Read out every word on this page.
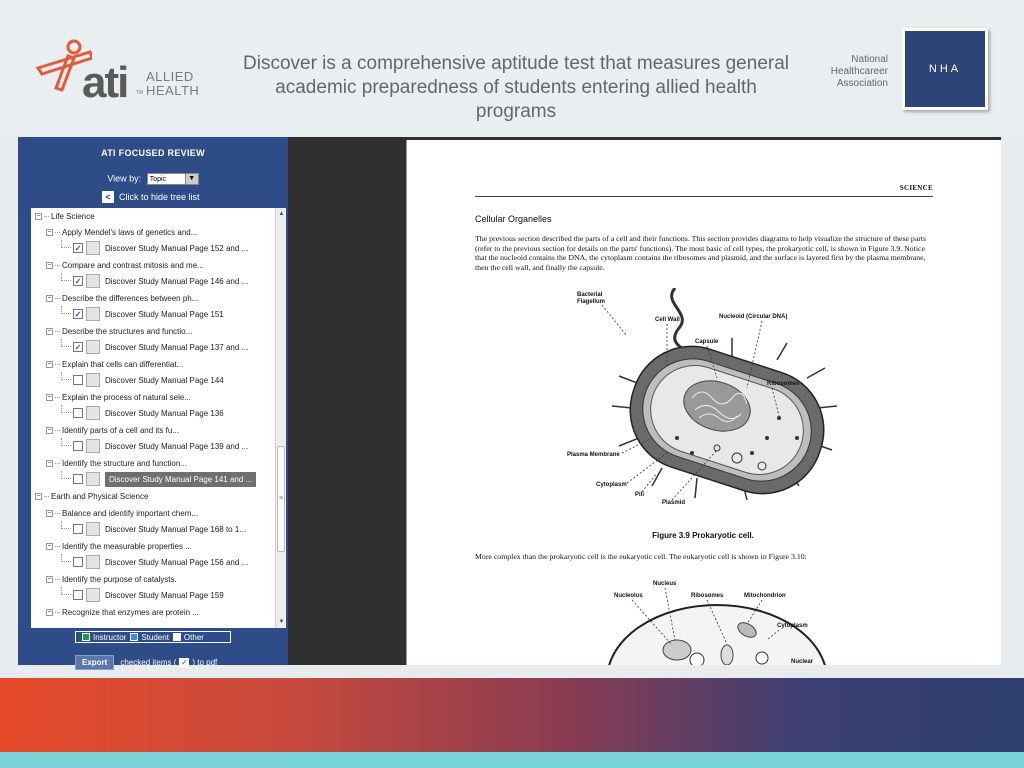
ati TM
ALLIED
HEALTH
Discover is a comprehensive aptitude test that measures general academic preparedness of students entering allied health programs
National
Healthcareer
Association
NHA
ATI FOCUSED REVIEW
View by: Topic	▼
< Click to hide tree list
− Life Science
− Apply Mendel's laws of genetics and...
✓	Discover Study Manual Page 152 and ...
− Compare and contrast mitosis and me...
✓	Discover Study Manual Page 146 and ...
− Describe the differences between ph...
✓	Discover Study Manual Page 151
− Describe the structures and functio...
✓	Discover Study Manual Page 137 and ...
− Explain that cells can differentiat...
Discover Study Manual Page 144
− Explain the process of natural sele...
Discover Study Manual Page 136
− Identify parts of a cell and its fu...
Discover Study Manual Page 139 and ...
− Identify the structure and function...
Discover Study Manual Page 141 and ...
− Earth and Physical Science
− Balance and identify important chem...
Discover Study Manual Page 168 to 1...
− Identify the measurable properties ...
Discover Study Manual Page 156 and ...
− Identify the purpose of catalysts.
Discover Study Manual Page 159
− Recognize that enzymes are protein ...
▲
≡
▼
Instructor Student Other
Export	checked items ( ✓ ) to pdf
SCIENCE
Cellular Organelles
The previous section described the parts of a cell and their functions. This section provides diagrams to help visualize the structure of these parts (refer to the previous section for details on the parts' functions). The most basic of cell types, the prokaryotic cell, is shown in Figure 3.9. Notice that the nucleoid contains the DNA, the cytoplasm contains the ribosomes and plasmid, and the surface is layered first by the plasma membrane, then the cell wall, and finally the capsule.
Bacterial
Flagellum
Cell Wall	Nucleoid (Circular DNA)
Capsule
Ribosomes
Plasma Membrane
Cytoplasm
Pili
Plasmid
Figure 3.9 Prokaryotic cell.
More complex than the prokaryotic cell is the eukaryotic cell. The eukaryotic cell is shown in Figure 3.10:
Nucleus
Nucleolus	Ribosomes	Mitochondrion
Cytoplasm
Nuclear
